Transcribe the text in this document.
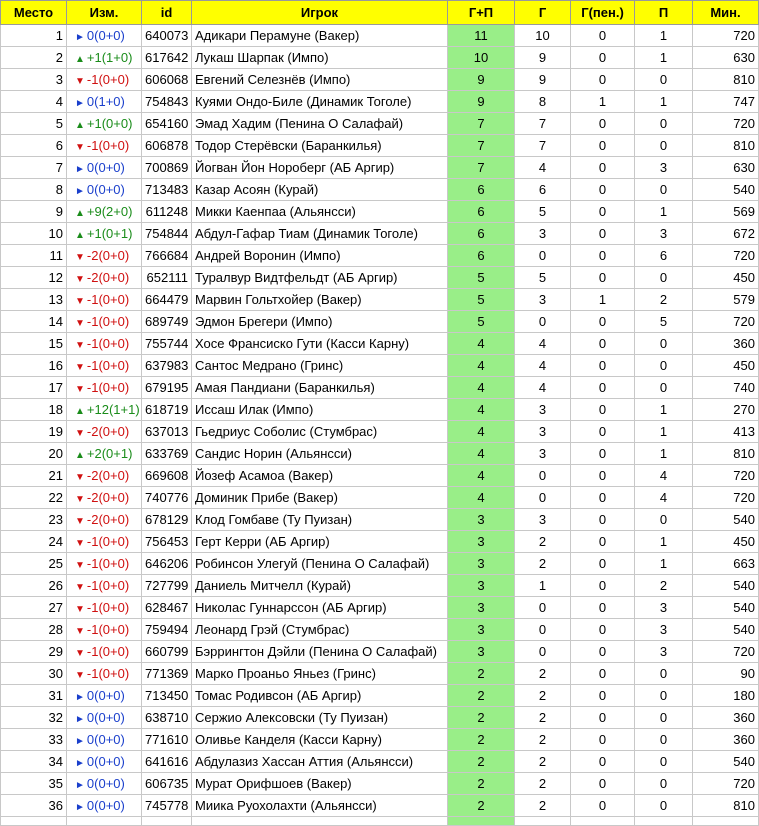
Место	Изм.	id	Игрок	Г+П	Г	Г(пен.)	П	Мин.
1	► 0(0+0)	640073	Адикари Перамуне (Вакер)	11	10	0	1	720
2	▲ +1(1+0)	617642	Лукаш Шарпак (Импо)	10	9	0	1	630
3	▼ -1(0+0)	606068	Евгений Селезнёв (Импо)	9	9	0	0	810
4	► 0(1+0)	754843	Куями Ондо-Биле (Динамик Тоголе)	9	8	1	1	747
5	▲ +1(0+0)	654160	Эмад Хадим (Пенина О Салафай)	7	7	0	0	720
6	▼ -1(0+0)	606878	Тодор Стерёвски (Баранкилья)	7	7	0	0	810
7	► 0(0+0)	700869	Йогван Йон Нороберг (АБ Аргир)	7	4	0	3	630
8	► 0(0+0)	713483	Казар Асоян (Курай)	6	6	0	0	540
9	▲ +9(2+0)	611248	Микки Каенпаа (Альянсси)	6	5	0	1	569
10	▲ +1(0+1)	754844	Абдул-Гафар Тиам (Динамик Тоголе)	6	3	0	3	672
11	▼ -2(0+0)	766684	Андрей Воронин (Импо)	6	0	0	6	720
12	▼ -2(0+0)	652111	Туралвур Видтфельдт (АБ Аргир)	5	5	0	0	450
13	▼ -1(0+0)	664479	Марвин Гольтхойер (Вакер)	5	3	1	2	579
14	▼ -1(0+0)	689749	Эдмон Брегери (Импо)	5	0	0	5	720
15	▼ -1(0+0)	755744	Хосе Франсиско Гути (Касси Карну)	4	4	0	0	360
16	▼ -1(0+0)	637983	Сантос Медрано (Гринс)	4	4	0	0	450
17	▼ -1(0+0)	679195	Амая Пандиани (Баранкилья)	4	4	0	0	740
18	▲ +12(1+1)	618719	Иссаш Илак (Импо)	4	3	0	1	270
19	▼ -2(0+0)	637013	Гьедриус Соболис (Стумбрас)	4	3	0	1	413
20	▲ +2(0+1)	633769	Сандис Норин (Альянсси)	4	3	0	1	810
21	▼ -2(0+0)	669608	Йозеф Асамоа (Вакер)	4	0	0	4	720
22	▼ -2(0+0)	740776	Доминик Прибе (Вакер)	4	0	0	4	720
23	▼ -2(0+0)	678129	Клод Гомбаве (Ту Пуизан)	3	3	0	0	540
24	▼ -1(0+0)	756453	Герт Керри (АБ Аргир)	3	2	0	1	450
25	▼ -1(0+0)	646206	Робинсон Улегуй (Пенина О Салафай)	3	2	0	1	663
26	▼ -1(0+0)	727799	Даниель Митчелл (Курай)	3	1	0	2	540
27	▼ -1(0+0)	628467	Николас Гуннарссон (АБ Аргир)	3	0	0	3	540
28	▼ -1(0+0)	759494	Леонард Грэй (Стумбрас)	3	0	0	3	540
29	▼ -1(0+0)	660799	Бэррингтон Дэйли (Пенина О Салафай)	3	0	0	3	720
30	▼ -1(0+0)	771369	Марко Проаньо Яньез (Гринс)	2	2	0	0	90
31	► 0(0+0)	713450	Томас Родивсон (АБ Аргир)	2	2	0	0	180
32	► 0(0+0)	638710	Сержио Алексовски (Ту Пуизан)	2	2	0	0	360
33	► 0(0+0)	771610	Оливье Канделя (Касси Карну)	2	2	0	0	360
34	► 0(0+0)	641616	Абдулазиз Хассан Аттия (Альянсси)	2	2	0	0	540
35	► 0(0+0)	606735	Мурат Орифшоев (Вакер)	2	2	0	0	720
36	► 0(0+0)	745778	Миика Руохолахти (Альянсси)	2	2	0	0	810
